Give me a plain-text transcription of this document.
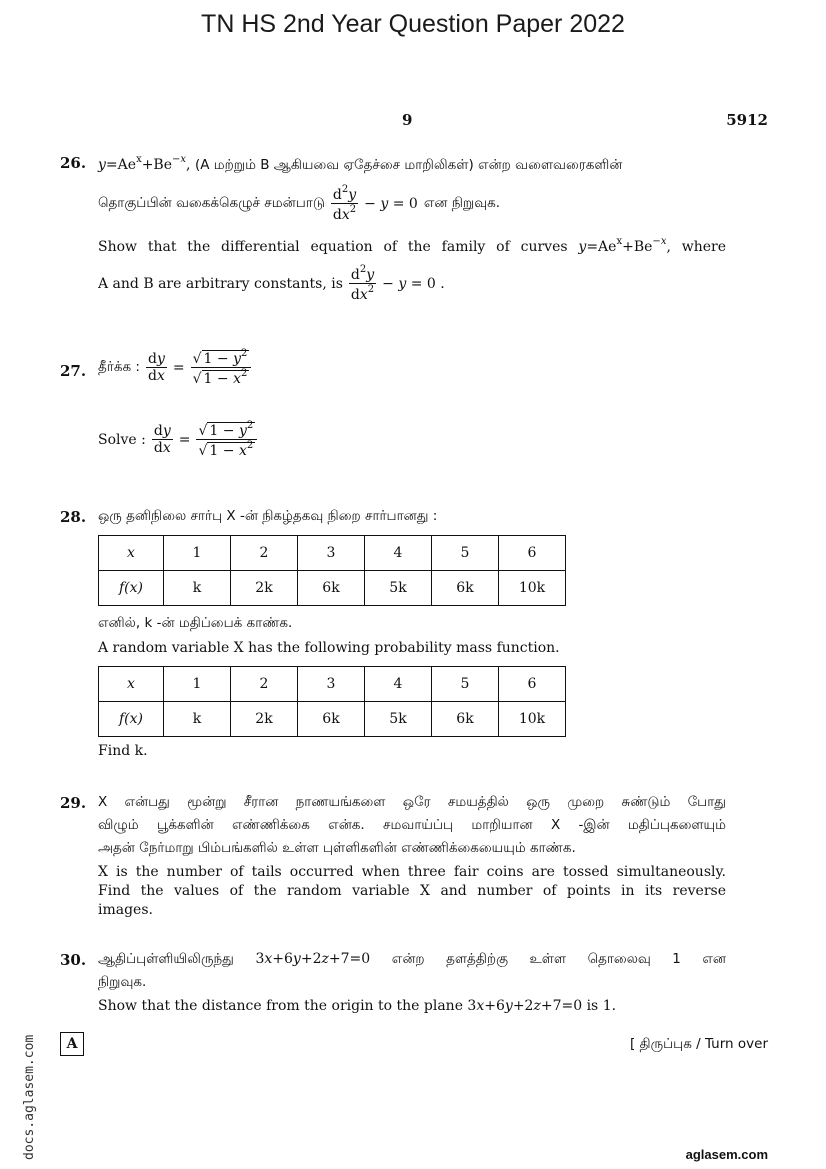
TN HS 2nd Year Question Paper 2022
9	5912
26. $y=Ae^x+Be^{-x}$, (A மற்றும் B ஆகியவை ஏதேச்சை மாறிலிகள்) என்ற வளைவரைகளின்
தொகுப்பின் வகைக்கெழுச் சமன்பாடு $\frac{d^2y}{dx^2} - y = 0$ என நிறுவுக.
Show that the differential equation of the family of curves $y=Ae^x+Be^{-x}$, where
A and B are arbitrary constants, is $\frac{d^2y}{dx^2} - y = 0$ .
27. தீர்க்க : $\frac{dy}{dx} = \frac{√ 1 - y^2}{√ 1 - x^2}$
Solve : $\frac{dy}{dx} = \frac{√ 1 - y^2}{√ 1 - x^2}$
28. ஒரு தனிநிலை சார்பு X -ன் நிகழ்தகவு நிறை சார்பானது :
x	1	2	3	4	5	6
f(x)	k	2k	6k	5k	6k	10k
எனில், k -ன் மதிப்பைக் காண்க.
A random variable X has the following probability mass function.
x	1	2	3	4	5	6
f(x)	k	2k	6k	5k	6k	10k
Find k.
29. X என்பது மூன்று சீரான நாணயங்களை ஒரே சமயத்தில் ஒரு முறை சுண்டும் போது
விழும் பூக்களின் எண்ணிக்கை என்க. சமவாய்ப்பு மாறியான X -இன் மதிப்புகளையும்
அதன் நேர்மாறு பிம்பங்களில் உள்ள புள்ளிகளின் எண்ணிக்கையையும் காண்க.
X is the number of tails occurred when three fair coins are tossed simultaneously.
Find the values of the random variable X and number of points in its reverse
images.
30. ஆதிப்புள்ளியிலிருந்து 3x+6y+2z+7=0 என்ற தளத்திற்கு உள்ள தொலைவு 1 என
நிறுவுக.
Show that the distance from the origin to the plane 3x+6y+2z+7=0 is 1.
A	[ திருப்புக / Turn over
aglasem.com
docs.aglasem.com
